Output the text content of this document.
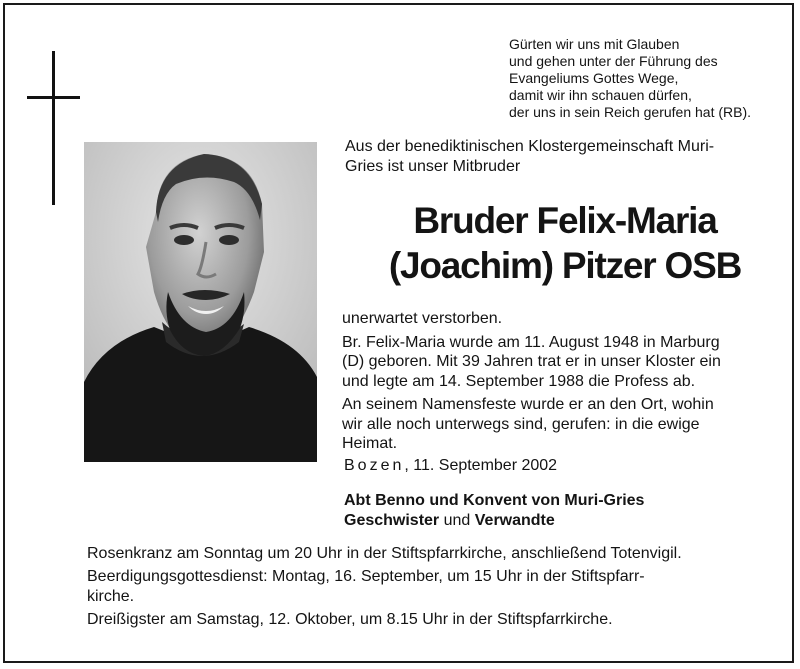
Gürten wir uns mit Glauben
und gehen unter der Führung des
Evangeliums Gottes Wege,
damit wir ihn schauen dürfen,
der uns in sein Reich gerufen hat (RB).
Aus der benediktinischen Klostergemeinschaft Muri-
Gries ist unser Mitbruder
Bruder Felix-Maria
(Joachim) Pitzer OSB
unerwartet verstorben.
Br. Felix-Maria wurde am 11. August 1948 in Marburg
(D) geboren. Mit 39 Jahren trat er in unser Kloster ein
und legte am 14. September 1988 die Profess ab.
An seinem Namensfeste wurde er an den Ort, wohin
wir alle noch unterwegs sind, gerufen: in die ewige
Heimat.
Bozen, 11. September 2002
Abt Benno und Konvent von Muri-Gries
Geschwister und Verwandte
Rosenkranz am Sonntag um 20 Uhr in der Stiftspfarrkirche, anschließend Totenvigil.
Beerdigungsgottesdienst: Montag, 16. September, um 15 Uhr in der Stiftspfarr-
kirche.
Dreißigster am Samstag, 12. Oktober, um 8.15 Uhr in der Stiftspfarrkirche.
